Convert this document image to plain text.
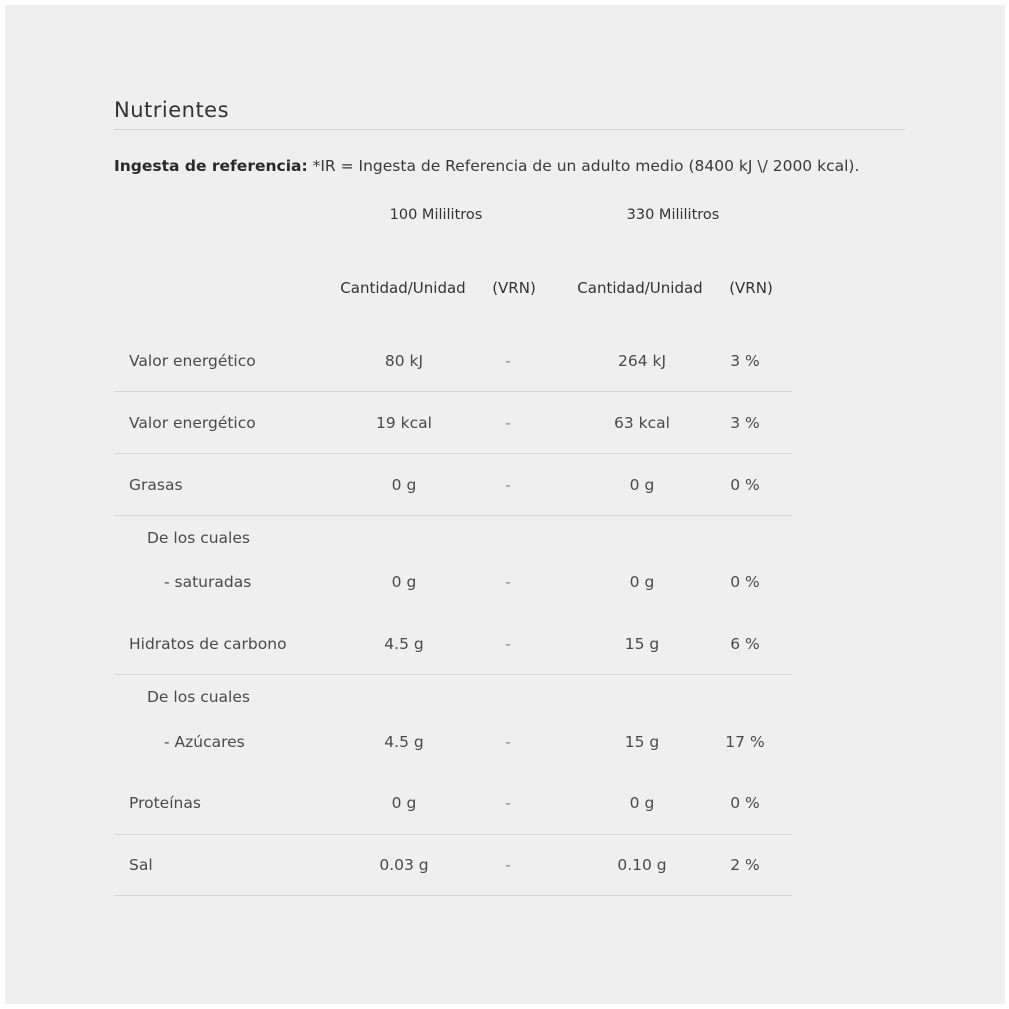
Nutrientes

Ingesta de referencia: *IR = Ingesta de Referencia de un adulto medio (8400 kJ \/ 2000 kcal).

100 Mililitros	330 Mililitros
Cantidad/Unidad (VRN)	Cantidad/Unidad (VRN)
Valor energético	80 kJ	-	264 kJ	3 %
Valor energético	19 kcal	-	63 kcal	3 %
Grasas	0 g	-	0 g	0 %
De los cuales
- saturadas	0 g	-	0 g	0 %
Hidratos de carbono	4.5 g	-	15 g	6 %
De los cuales
- Azúcares	4.5 g	-	15 g	17 %
Proteínas	0 g	-	0 g	0 %
Sal	0.03 g	-	0.10 g	2 %
